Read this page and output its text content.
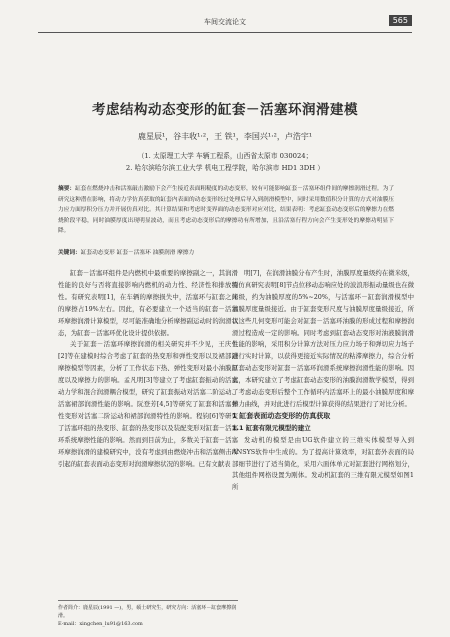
车间交流论文	565
考虑结构动态变形的缸套－活塞环润滑建模
鹿星辰¹，谷丰收¹·²，王 铁¹，李国兴¹·²，卢浩宇¹
（1. 太原理工大学 车辆工程系，山西省太原市 030024；
2. 哈尔滨哈尔滨工业大学 机电工程学院，哈尔滨市 HD1 3DH ）
摘要：缸套在燃烧冲击和活塞敲击激励下会产生接近表面粗糙度的动态变形，较有可能影响缸套－活塞环组件间的摩擦润滑过程。为了研究这种潜在影响，将动力学仿真获取的缸套内表面的动态变形经过处理后导入到润滑模型中，同时采用数值积分计算的方式对油膜压力应力面厚积分压力并开展仿真对比。其计算结果和考虑时变界面的动态变形对应对比，结果表明：考虑缸套动态变形后的摩擦力在燃烧阶段平稳，同时油膜厚度出现明显波动，而且考虑动态变形后的摩擦功有所增加，且沿活塞行程方向会产生变形处的摩擦功明显下降。
关键词：缸套动态变形 缸套－活塞环 油膜润滑 摩擦力

缸套－活塞环组件是内燃机中最重要的摩擦副之一，其润滑性能的良好与否将直接影响内燃机的动力性、经济性和排放特性。有研究表明[1]，在车辆的摩擦损失中，活塞环与缸套之间的摩擦占19%左右。因此，有必要建立一个适当的缸套－活塞环摩擦润滑计算模型，尽可能准确地分析摩擦副运动时的润滑状态，为缸套－活塞环优化设计提供依据。

关于缸套－活塞环摩擦润滑的相关研究并不少见，王庆生[2]等在建模时综合考虑了缸套的热变形和弹性变形以及裙部副摩擦模型等因素，分析了工作状态下热、弹性变形对最小油膜厚度以及摩擦力的影响。孟凡明[3]等建立了考虑缸套振动的活塞动力学和混合润滑耦合模型，研究了缸套振动对活塞二阶运动、活塞裙部润滑性能的影响。阮登芳[4,5]等研究了缸套和活塞弹性变形对活塞二阶运动和裙部润滑特性的影响。程钧[6]等研究了活塞环组的热变形、缸套的热变形以及装配变形对缸套－活塞环系统摩擦性能的影响。然而到目前为止，多数关于缸套－活塞环摩擦润滑的建模研究中，没有考虑到由燃烧冲击和活塞侧击所引起的缸套表面动态变形对润滑摩擦状况的影响。已有文献表

明[7]，在润滑油膜分布产生时，油膜厚度量级约在微米级，面仿真研究表明[8]节点位移动态响应处的波浪形振动量级也在微米级，约为油膜厚度的5%~20%，与活塞环－缸套润滑模型中油膜厚度量级接近。由于缸套变形尺度与油膜厚度量级接近，所以这些几何变形可能会对缸套－活塞环油膜的形成过程和摩擦润滑过程造成一定的影响。同时考虑到缸套动态变形对油液膜润滑性能的影响，采用积分计算方法对压力应力场子和弹切应力场子进行实时计算，以获得更接近实际情况的粘滞摩擦力，综合分析缸套动态变形对缸套－活塞环润滑系统摩擦润滑性能的影响。因此，本研究建立了考虑缸套动态变形的油膜润滑数学模型，得到了考虑动态变形后整个工作循环内活塞环上的最小油膜厚度和摩擦力曲线，并对此进行后模型计算获得的结果进行了对比分析。

1 缸套表面动态变形的仿真获取

1.1 缸套有限元模型的建立

发动机的模型是由UG软件建立的三维实体模型导入到ANSYS软件中生成的。为了提高计算效率，对缸套外表面的局部细节进行了适当简化，采用六面体单元对缸套进行网格划分，其他组件网格设置为刚体。发动机缸套的三维有限元模型如图1所

作者简介：鹿星辰(1991 —)，男，硕士研究生，研究方向：活塞环－缸套摩擦润滑。
E-mail：xingchen_lu91@163.com
